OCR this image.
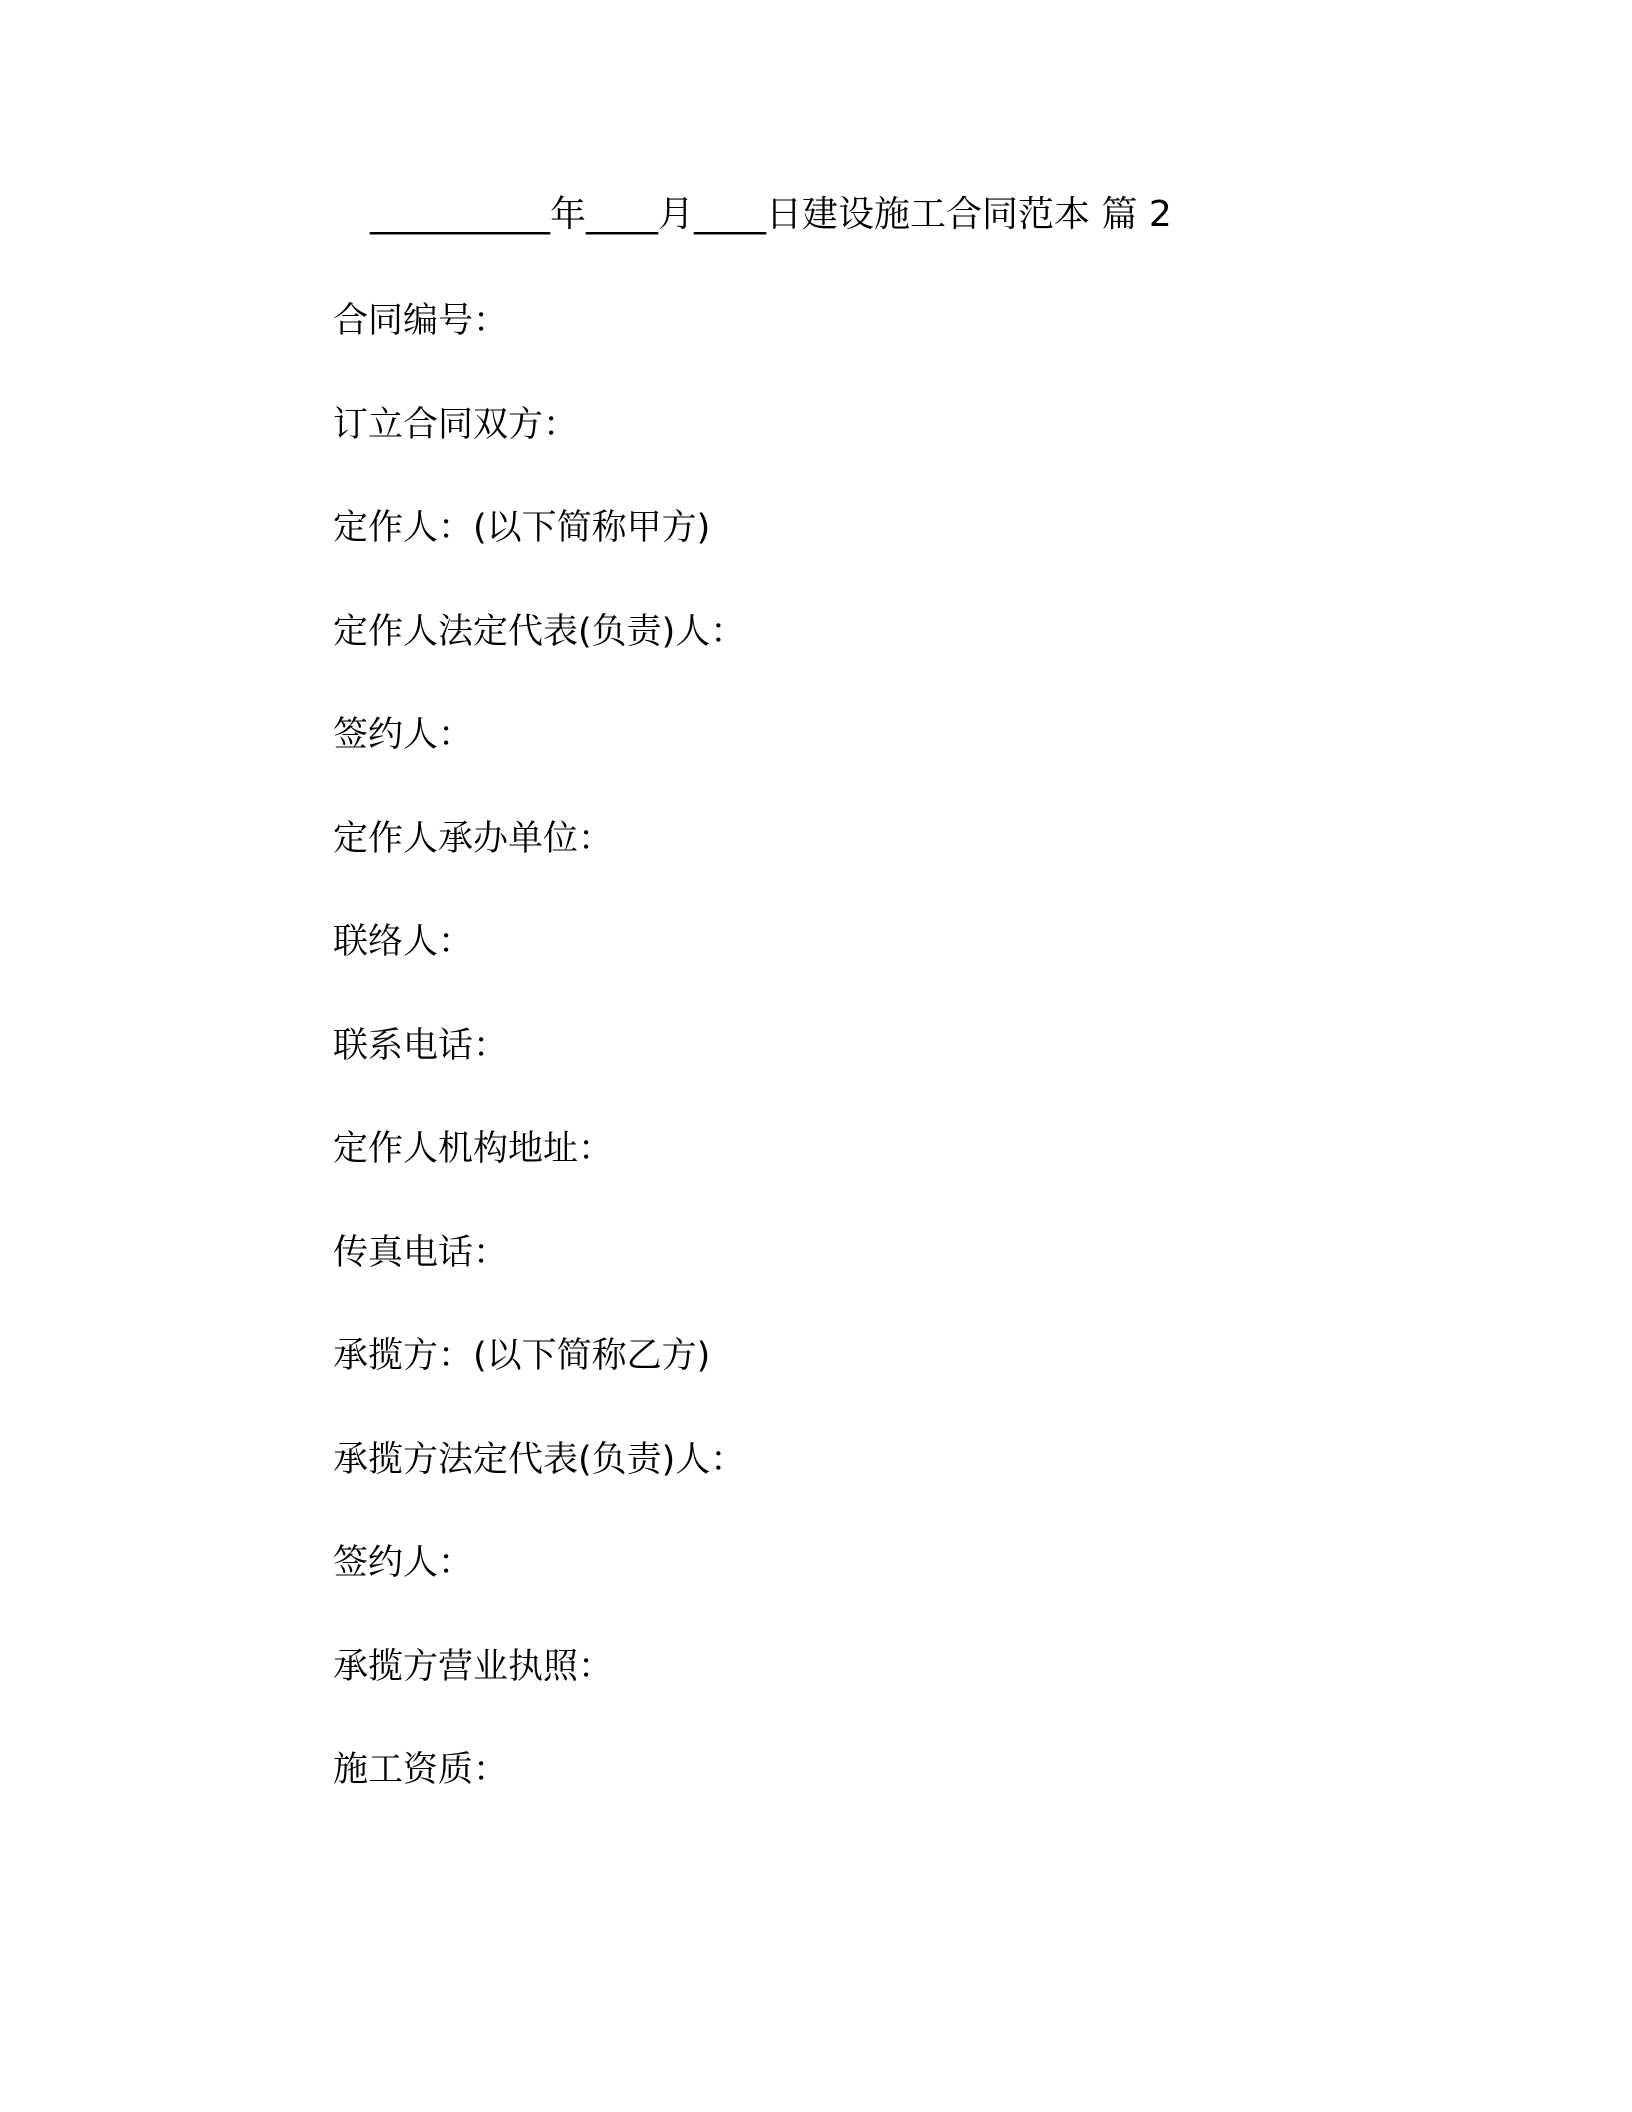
__________年____月____日建设施工合同范本 篇 2
合同编号：
订立合同双方：
定作人：(以下简称甲方)
定作人法定代表(负责)人：
签约人：
定作人承办单位：
联络人：
联系电话：
定作人机构地址：
传真电话：
承揽方：(以下简称乙方)
承揽方法定代表(负责)人：
签约人：
承揽方营业执照：
施工资质：
